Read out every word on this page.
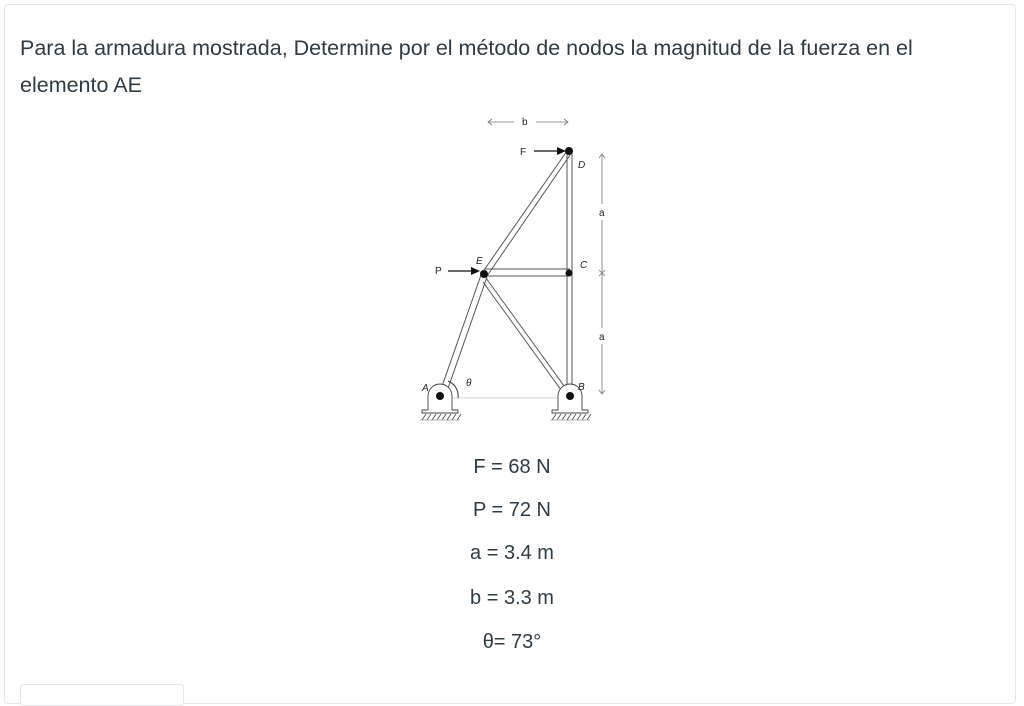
Para la armadura mostrada, Determine por el método de nodos la magnitud de la fuerza en el elemento AE
b
a
a
F
D
E
P
C
A	θ	B
F = 68 N
P = 72 N
a = 3.4 m
b = 3.3 m
θ= 73°
